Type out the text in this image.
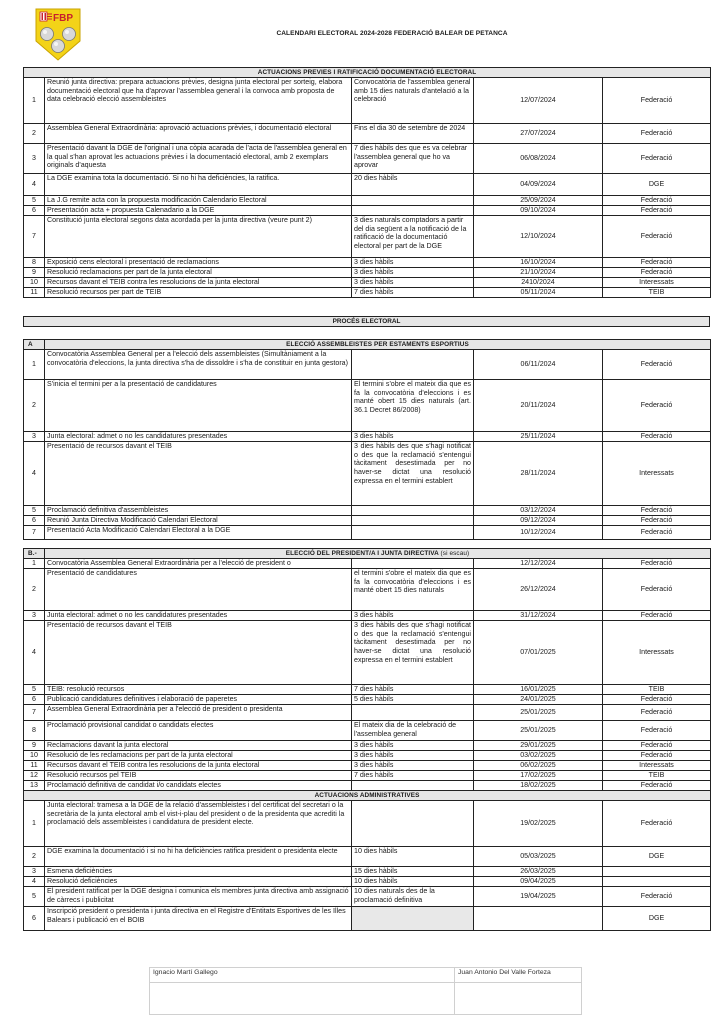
FBP
CALENDARI ELECTORAL 2024-2028 FEDERACIÓ BALEAR DE PETANCA
ACTUACIONS PREVIES I RATIFICACIÓ DOCUMENTACIÓ ELECTORAL				
1	Reunió junta directiva: prepara actuacions prèvies, designa junta electoral per sorteig, elabora documentació electoral que ha d'aprovar l'assemblea general i la convoca amb proposta de data celebració elecció assembleistes	Convocatòria de l'assemblea general amb 15 dies naturals d'antelació a la celebració	12/07/2024	Federació
2	Assemblea General Extraordinària: aprovació actuacions prèvies, i documentació electoral	Fins el dia 30 de setembre de 2024	27/07/2024	Federació
3	Presentació davant la DGE de l'original i una còpia acarada de l'acta de l'assemblea general en la qual s'han aprovat les actuacions prèvies i la documentació electoral, amb 2 exemplars originals d'aquesta	7 dies hàbils des que es va celebrar l'assemblea general que ho va aprovar	06/08/2024	Federació
4	La DGE examina tota la documentació. Si no hi ha deficiències, la ratifica.	20 dies hàbils	04/09/2024	DGE
5	La J.G remite acta con la propuesta modificación Calendario Electoral		25/09/2024	Federació
6	Presentación acta + propuesta Calenadario a la DGE		09/10/2024	Federació
7	Constitució junta electoral segons data acordada per la junta directiva (veure punt 2)	3 dies naturals comptadors a partir del dia següent a la notificació de la ratificació de la documentació electoral per part de la DGE	12/10/2024	Federació
8	Exposició cens electoral i presentació de reclamacions	3 dies hàbils	16/10/2024	Federació
9	Resolució reclamacions per part de la junta electoral	3 dies hàbils	21/10/2024	Federació
10	Recursos davant el TEIB contra les resolucions de la junta electoral	3 dies hàbils	2410/2024	Interessats
11	Resolució recursos per part de TEIB	7 dies hàbils	05/11/2024	TEIB
PROCÉS ELECTORAL
A	ELECCIÓ ASSEMBLEISTES PER ESTAMENTS ESPORTIUS			
1	Convocatòria Assemblea General per a l'elecció dels assembleistes (Simultàniament a la convocatòria d'eleccions, la junta directiva s'ha de dissoldre i s'ha de constituir en junta gestora)		06/11/2024	Federació
2	S'inicia el termini per a la presentació de candidatures	El termini s'obre el mateix dia que es fa la convocatòria d'eleccions i es manté obert 15 dies naturals (art. 36.1 Decret 86/2008)	20/11/2024	Federació
3	Junta electoral: admet o no les candidatures presentades	3 dies hàbils	25/11/2024	Federació
4	Presentació de recursos davant el TEIB	3 dies hàbils des que s'hagi notificat o des que la reclamació s'entengui tàcitament desestimada per no haver-se dictat una resolució expressa en el termini establert	28/11/2024	Interessats
5	Proclamació definitiva d'assembleistes		03/12/2024	Federació
6	Reunió Junta Directiva Modificació Calendari Electoral		09/12/2024	Federació
7	Presentació Acta Modificació Calendari Electoral a la DGE		10/12/2024	Federació
B.-	ELECCIÓ DEL PRESIDENT/A I JUNTA DIRECTIVA (si escau)			
1	Convocatòria Assemblea General Extraordinària per a l'elecció de president o		12/12/2024	Federació
2	Presentació de candidatures	el termini s'obre el mateix dia que es fa la convocatòria d'eleccions i es manté obert 15 dies naturals	26/12/2024	Federació
3	Junta electoral: admet o no les candidatures presentades	3 dies hàbils	31/12/2024	Federació
4	Presentació de recursos davant el TEIB	3 dies hàbils des que s'hagi notificat o des que la reclamació s'entengui tàcitament desestimada per no haver-se dictat una resolució expressa en el termini establert	07/01/2025	Interessats
5	TEIB: resolució recursos	7 dies hàbils	16/01/2025	TEIB
6	Publicació candidatures definitives i elaboració de paperetes	5 dies hàbils	24/01/2025	Federació
7	Assemblea General Extraordinària per a l'elecció de president o presidenta		25/01/2025	Federació
8	Proclamació provisional candidat o candidats electes	El mateix dia de la celebració de l'assemblea general	25/01/2025	Federació
9	Reclamacions davant la junta electoral	3 dies hàbils	29/01/2025	Federació
10	Resolució de les reclamacions per part de la junta electoral	3 dies hàbils	03/02/2025	Federació
11	Recursos davant el TEIB contra les resolucions de la junta electoral	3 dies hàbils	06/02/2025	Interessats
12	Resolució recursos pel TEIB	7 dies hàbils	17/02/2025	TEIB
13	Proclamació definitiva de candidat i/o candidats electes		18/02/2025	Federació
ACTUACIONS ADMINISTRATIVES				
1	Junta electoral: tramesa a la DGE de la relació d'assembleistes i del certificat del secretari o la secretària de la junta electoral amb el vist-i-plau del president o de la presidenta que acrediti la proclamació dels assembleistes i candidatura de president electe.		19/02/2025	Federació
2	DGE examina la documentació i si no hi ha deficiències ratifica president o presidenta electe	10 dies hàbils	05/03/2025	DGE
3	Esmena deficiències	15 dies hàbils	26/03/2025	
4	Resolució deficiències	10 dies hàbils	09/04/2025	
5	El president ratificat per la DGE designa i comunica els membres junta directiva amb assignació de càrrecs i publicitat	10 dies naturals des de la proclamació definitiva	19/04/2025	Federació
6	Inscripció president o presidenta i junta directiva en el Registre d'Entitats Esportives de les Illes Balears i publicació en el BOIB			DGE
Ignacio Martí Gallego	Juan Antonio Del Valle Forteza
